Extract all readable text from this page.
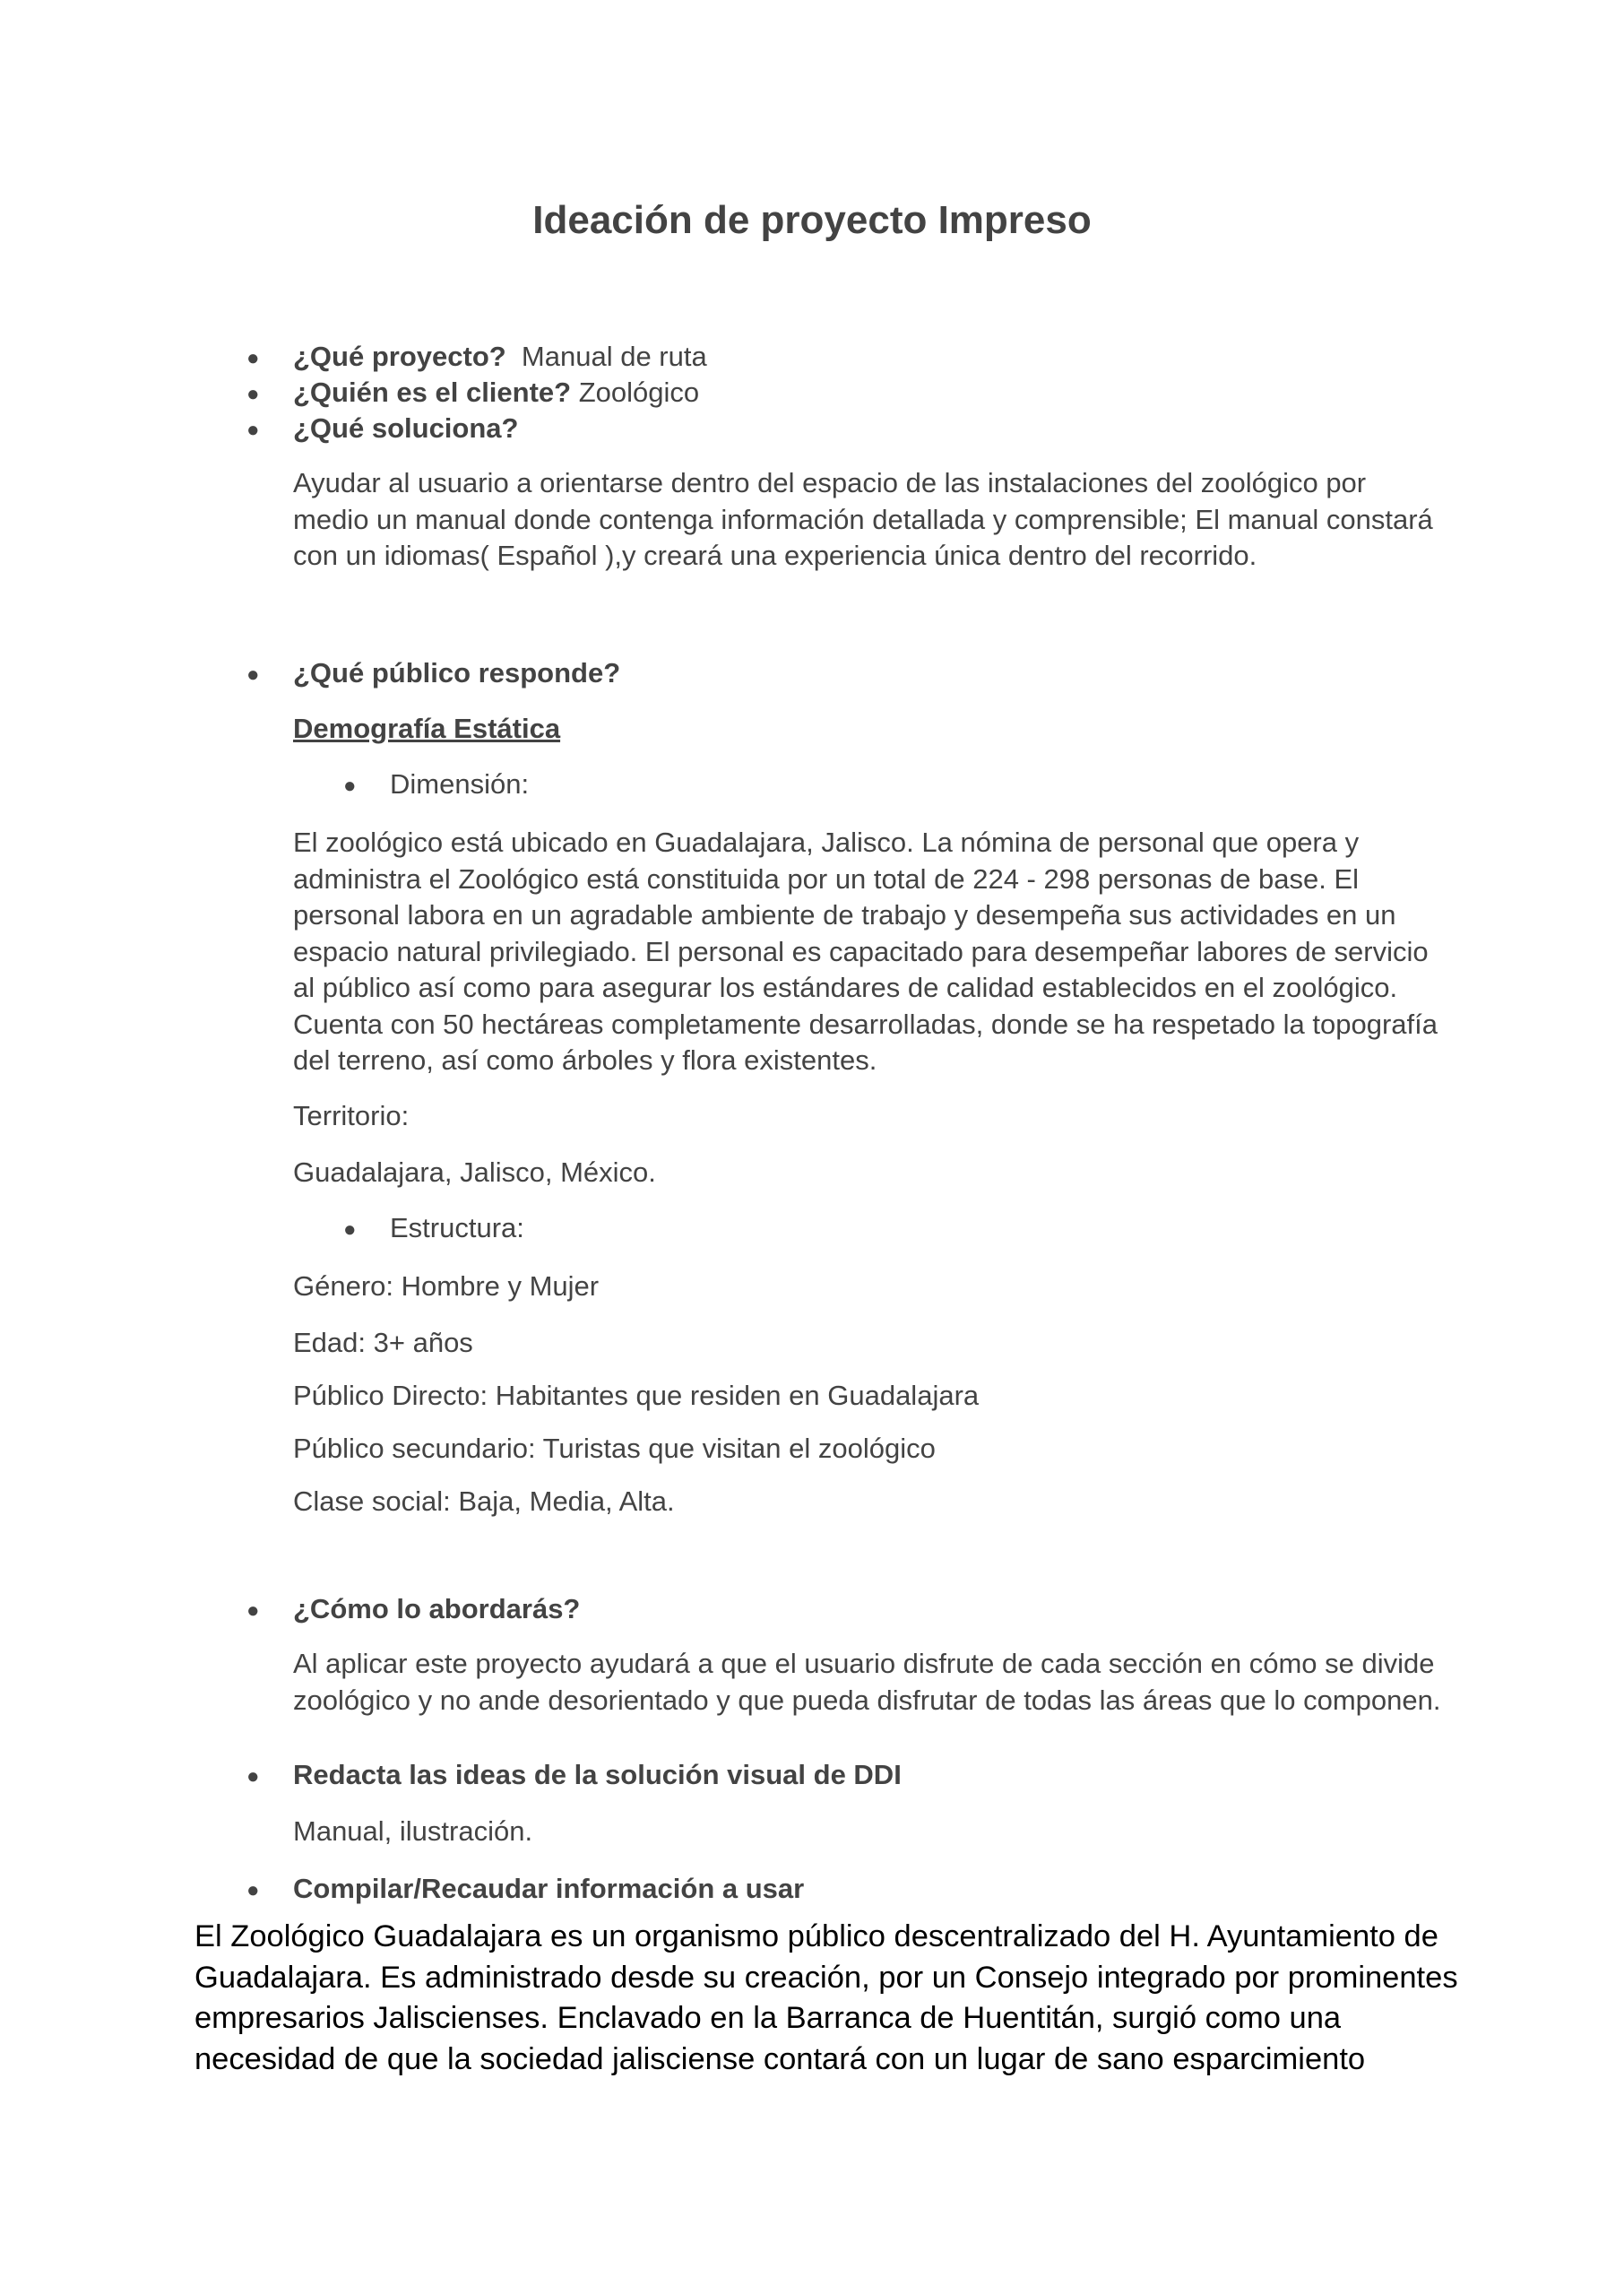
Ideación de proyecto Impreso
● ¿Qué proyecto?  Manual de ruta

● ¿Quién es el cliente? Zoológico

● ¿Qué soluciona?

Ayudar al usuario a orientarse dentro del espacio de las instalaciones del zoológico por
medio un manual donde contenga información detallada y comprensible; El manual constará
con un idiomas( Español ),y creará una experiencia única dentro del recorrido.
● ¿Qué público responde?

Demografía Estática

● Dimensión:

El zoológico está ubicado en Guadalajara, Jalisco. La nómina de personal que opera y
administra el Zoológico está constituida por un total de 224 - 298 personas de base. El
personal labora en un agradable ambiente de trabajo y desempeña sus actividades en un
espacio natural privilegiado. El personal es capacitado para desempeñar labores de servicio
al público así como para asegurar los estándares de calidad establecidos en el zoológico.
Cuenta con 50 hectáreas completamente desarrolladas, donde se ha respetado la topografía
del terreno, así como árboles y flora existentes.

Territorio:

Guadalajara, Jalisco, México.

● Estructura:

Género: Hombre y Mujer

Edad: 3+ años

Público Directo: Habitantes que residen en Guadalajara

Público secundario: Turistas que visitan el zoológico

Clase social: Baja, Media, Alta.

● ¿Cómo lo abordarás?

Al aplicar este proyecto ayudará a que el usuario disfrute de cada sección en cómo se divide
zoológico y no ande desorientado y que pueda disfrutar de todas las áreas que lo componen.
● Redacta las ideas de la solución visual de DDI

Manual, ilustración.

● Compilar/Recaudar información a usar

El Zoológico Guadalajara es un organismo público descentralizado del H. Ayuntamiento de
Guadalajara. Es administrado desde su creación, por un Consejo integrado por prominentes
empresarios Jaliscienses. Enclavado en la Barranca de Huentitán, surgió como una
necesidad de que la sociedad jalisciense contará con un lugar de sano esparcimiento
